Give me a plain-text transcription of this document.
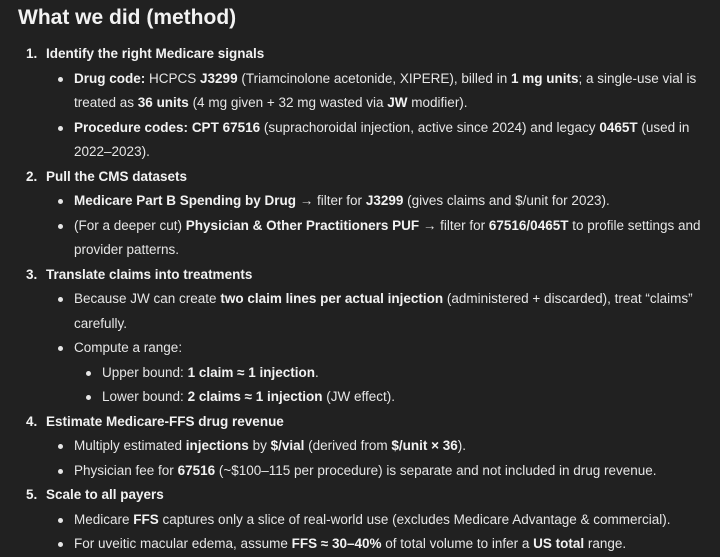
What we did (method)
1. Identify the right Medicare signals
Drug code: HCPCS J3299 (Triamcinolone acetonide, XIPERE), billed in 1 mg units; a single-use vial is treated as 36 units (4 mg given + 32 mg wasted via JW modifier).
Procedure codes: CPT 67516 (suprachoroidal injection, active since 2024) and legacy 0465T (used in 2022–2023).
2. Pull the CMS datasets
Medicare Part B Spending by Drug → filter for J3299 (gives claims and $/unit for 2023).
(For a deeper cut) Physician & Other Practitioners PUF → filter for 67516/0465T to profile settings and provider patterns.
3. Translate claims into treatments
Because JW can create two claim lines per actual injection (administered + discarded), treat “claims” carefully.
Compute a range:
Upper bound: 1 claim ≈ 1 injection.
Lower bound: 2 claims ≈ 1 injection (JW effect).
4. Estimate Medicare-FFS drug revenue
Multiply estimated injections by $/vial (derived from $/unit × 36).
Physician fee for 67516 (~$100–115 per procedure) is separate and not included in drug revenue.
5. Scale to all payers
Medicare FFS captures only a slice of real-world use (excludes Medicare Advantage & commercial).
For uveitic macular edema, assume FFS ≈ 30–40% of total volume to infer a US total range.
